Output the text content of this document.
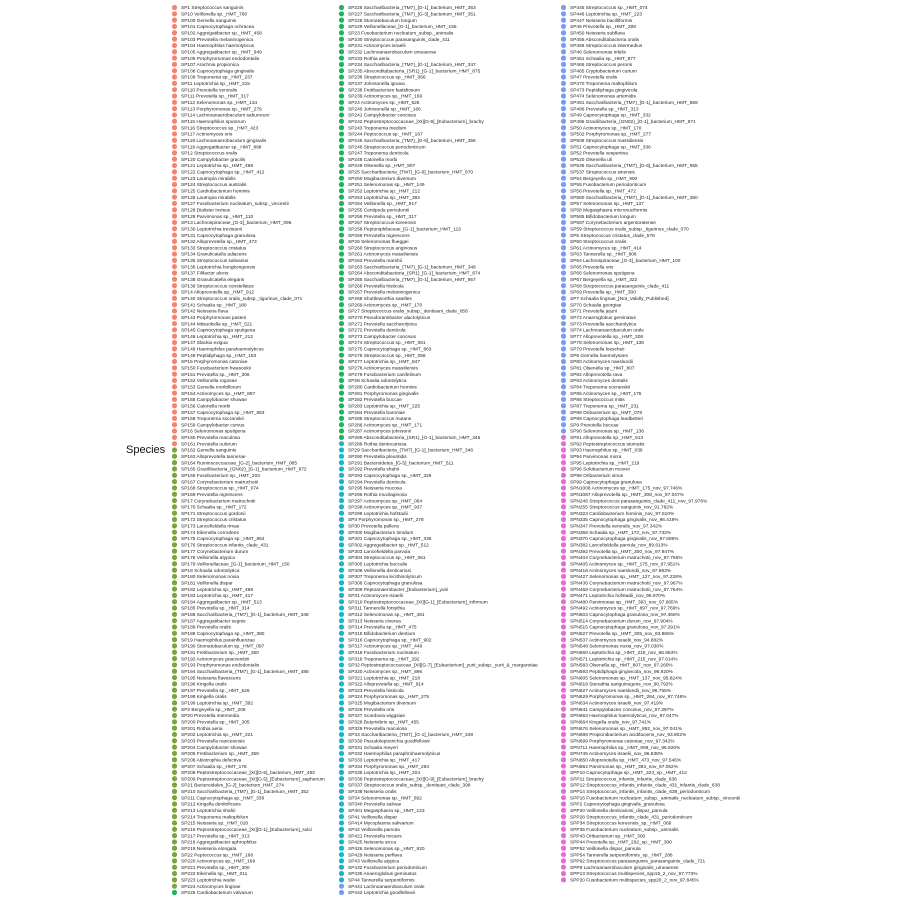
Species
SP1 Streptococcus sanguinis
SP10 Veillonella sp._HMT_780
SP100 Gemella sanguinis
SP101 Capnocytophaga ochracea
SP102 Aggregatibacter sp._HMT_458
SP103 Prevotella melaninogenica
SP104 Haemophilus haemolyticus
SP105 Aggregatibacter sp._HMT_949
SP106 Porphyromonas endodontalis
SP107 Arachnia propionica
SP108 Capnocytophaga gingivalis
SP109 Treponema sp._HMT_237
SP11 Leptotrichia sp._HMT_215
SP110 Prevotella veroralis
SP111 Prevotella sp._HMT_317
SP112 Selenomonas sp._HMT_134
SP113 Porphyromonas sp._HMT_279
SP114 Lachnoanaerobaculum saburreum
SP115 Haemophilus sputorum
SP116 Streptococcus sp._HMT_423
SP117 Actinomyces oris
SP118 Lachnoanaerobaculum gingivalis
SP119 Aggregatibacter sp._HMT_898
SP12 Streptococcus oralis
SP120 Campylobacter gracilis
SP121 Leptotrichia sp._HMT_498
SP122 Capnocytophaga sp._HMT_412
SP123 Lautropia mirabilis
SP124 Streptococcus australis
SP125 Cardiobacterium hominis
SP126 Lautropia mirabilis
SP127 Fusobacterium nucleatum_subsp._vincentii
SP128 Dialister invisus
SP129 Parvimonas sp._HMT_110
SP13 Lachnospiraceae_[G-3]_bacterium_HMT_096
SP130 Leptotrichia trevisanii
SP131 Capnocytophaga granulosa
SP132 Alloprevotella sp._HMT_473
SP133 Streptococcus cristatus
SP134 Granulicatella adiacens
SP135 Streptococcus salivarius
SP136 Leptotrichia hongkongensis
SP137 Filifactor alocis
SP138 Granulicatella elegans
SP139 Streptococcus constellatus
SP14 Alloprevotella sp._HMT_912
SP140 Streptococcus oralis_subsp._tigurinus_clade_071
SP141 Schaalia sp._HMT_180
SP142 Neisseria flava
SP143 Porphyromonas pasteri
SP144 Mitsuokella sp._HMT_521
SP145 Capnocytophaga sputigena
SP146 Leptotrichia sp._HMT_212
SP147 Slackia exigua
SP148 Haemophilus parahaemolyticus
SP149 Peptidiphaga sp._HMT_183
SP15 Porphyromonas catoniae
SP150 Fusobacterium hwasookii
SP151 Prevotella sp._HMT_306
SP152 Veillonella rogosae
SP153 Gemella morbillorum
SP154 Actinomyces sp._HMT_897
SP155 Campylobacter showae
SP156 Catonella morbi
SP157 Capnocytophaga sp._HMT_863
SP158 Treponema socranskii
SP159 Campylobacter curvus
SP16 Selenomonas sputigena
SP160 Prevotella maculosa
SP161 Prevotella oulorum
SP162 Gemella sanguinis
SP163 Alloprevotella tannerae
SP164 Ruminococcaceae_[G-2]_bacterium_HMT_085
SP165 Gracilibacteria_(GN02)_[G-1]_bacterium_HMT_872
SP166 Fusobacterium sp._HMT_203
SP167 Corynebacterium matruchotii
SP168 Streptococcus sp._HMT_074
SP169 Prevotella nigrescens
SP17 Corynebacterium matruchotii
SP170 Schaalia sp._HMT_172
SP171 Streptococcus gordonii
SP172 Streptococcus cristatus
SP173 Lancefieldella rimae
SP174 Eikenella corrodens
SP175 Capnocytophaga sp._HMT_864
SP176 Streptococcus infantis_clade_431
SP177 Corynebacterium durum
SP178 Veillonella atypica
SP179 Veillonellaceae_[G-1]_bacterium_HMT_150
SP18 Schaalia odontolytica
SP180 Selenomonas noxia
SP181 Veillonella dispar
SP182 Leptotrichia sp._HMT_498
SP183 Leptotrichia sp._HMT_417
SP184 Aggregatibacter sp._HMT_513
SP185 Prevotella sp._HMT_314
SP186 Saccharibacteria_(TM7)_[G-1]_bacterium_HMT_348
SP187 Aggregatibacter segnis
SP188 Prevotella oralis
SP189 Capnocytophaga sp._HMT_380
SP19 Haemophilus parainfluenzae
SP190 Stomatobaculum sp._HMT_097
SP191 Fretibacterium sp._HMT_360
SP192 Actinomyces graevenitzii
SP193 Porphyromonas endodontalis
SP194 Saccharibacteria_(TM7)_[G-1]_bacterium_HMT_488
SP195 Neisseria flavescens
SP196 Kingella oralis
SP197 Prevotella sp._HMT_526
SP198 Kingella oralis
SP199 Leptotrichia sp._HMT_392
SP2 Bergeyella sp._HMT_206
SP20 Prevotella intermedia
SP200 Prevotella sp._HMT_305
SP201 Rothia aeria
SP202 Leptotrichia sp._HMT_221
SP203 Prevotella nanceiensis
SP204 Campylobacter showae
SP205 Fretibacterium sp._HMT_359
SP206 Abiotrophia defectiva
SP207 Schaalia sp._HMT_178
SP208 Peptostreptococcaceae_[XI][G-5]_bacterium_HMT_493
SP209 Peptostreptococcaceae_[XI][G-5]_[Eubacterium]_saphenum
SP21 Bacteroidales_[G-2]_bacterium_HMT_274
SP210 Saccharibacteria_(TM7)_[G-1]_bacterium_HMT_352
SP211 Capnocytophaga sp._HMT_338
SP212 Kingella denitrificans
SP213 Leptotrichia shahii
SP214 Treponema maltophilum
SP215 Neisseria sp._HMT_020
SP216 Peptostreptococcaceae_[XI][G-1]_[Eubacterium]_sulci
SP217 Prevotella sp._HMT_313
SP218 Aggregatibacter aphrophilus
SP219 Neisseria elongata
SP22 Peptococcus sp._HMT_168
SP220 Actinomyces sp._HMT_169
SP221 Prevotella sp._HMT_300
SP222 Eikenella sp._HMT_011
SP223 Leptotrichia wadei
SP224 Actinomyces lingnae
SP225 Cardiobacterium valvarum
SP226 Saccharibacteria_(TM7)_[G-1]_bacterium_HMT_353
SP227 Saccharibacteria_(TM7)_[G-3]_bacterium_HMT_351
SP228 Stomatobaculum longum
SP229 Veillonellaceae_[G-1]_bacterium_HMT_155
SP23 Fusobacterium nucleatum_subsp._animalis
SP230 Streptococcus parasanguinis_clade_411
SP231 Actinomyces israelii
SP232 Lachnoanaerobaculum umeaense
SP233 Rothia aeria
SP234 Saccharibacteria_(TM7)_[G-1]_bacterium_HMT_347
SP235 Absconditabacteria_(SR1)_[G-1]_bacterium_HMT_875
SP236 Streptococcus sp._HMT_066
SP237 Johnsonella ignava
SP238 Fretibacterium fastidiosum
SP239 Actinomyces sp._HMT_169
SP24 Actinomyces sp._HMT_525
SP240 Johnsonella sp._HMT_166
SP241 Campylobacter concisus
SP242 Peptostreptococcaceae_[XI][G-9]_[Eubacterium]_brachy
SP243 Treponema medium
SP244 Peptococcus sp._HMT_167
SP245 Saccharibacteria_(TM7)_[G-5]_bacterium_HMT_356
SP246 Streptococcus periodonticum
SP247 Treponema denticola
SP248 Catonella morbi
SP249 Olsenella sp._HMT_807
SP25 Saccharibacteria_(TM7)_[G-6]_bacterium_HMT_870
SP250 Mogibacterium diversum
SP251 Selenomonas sp._HMT_149
SP252 Leptotrichia sp._HMT_212
SP253 Leptotrichia sp._HMT_392
SP254 Veillonella sp._HMT_917
SP255 Centipeda periodontii
SP256 Prevotella sp._HMT_317
SP257 Streptococcus koreensis
SP258 Peptoniphilaceae_[G-1]_bacterium_HMT_113
SP259 Prevotella nigrescens
SP26 Selenomonas flueggei
SP260 Streptococcus anginosus
SP261 Actinomyces massiliensis
SP262 Prevotella marshii
SP263 Saccharibacteria_(TM7)_[G-1]_bacterium_HMT_348
SP264 Absconditabacteria_(SR1)_[G-1]_bacterium_HMT_874
SP265 Saccharibacteria_(TM7)_[G-1]_bacterium_HMT_957
SP266 Prevotella histicola
SP267 Prevotella melaninogenica
SP268 Shuttleworthia satelles
SP269 Actinomyces sp._HMT_170
SP27 Streptococcus oralis_subsp._dentisani_clade_058
SP270 Pseudoramibacter alactolyticus
SP271 Prevotella saccharolytica
SP272 Prevotella denticola
SP273 Campylobacter concisus
SP274 Streptococcus sp._HMT_061
SP275 Capnocytophaga sp._HMT_863
SP276 Streptococcus sp._HMT_056
SP277 Leptotrichia sp._HMT_847
SP278 Actinomyces massiliensis
SP279 Fusobacterium canifelinum
SP28 Schaalia odontolytica
SP280 Cardiobacterium hominis
SP281 Porphyromonas gingivalis
SP282 Prevotella buccae
SP283 Leptotrichia sp._HMT_225
SP284 Prevotella baroniae
SP285 Streptococcus mutans
SP286 Actinomyces sp._HMT_171
SP287 Actinomyces johnsonii
SP288 Absconditabacteria_(SR1)_[G-1]_bacterium_HMT_345
SP289 Rothia dentocariosa
SP29 Saccharibacteria_(TM7)_[G-1]_bacterium_HMT_346
SP290 Prevotella pleuritidis
SP291 Bacteroidetes_[G-5]_bacterium_HMT_511
SP292 Prevotella shahii
SP293 Capnocytophaga sp._HMT_326
SP294 Prevotella denticola
SP295 Neisseria mucosa
SP296 Rothia mucilaginosa
SP297 Actinomyces sp._HMT_064
SP298 Actinomyces sp._HMT_937
SP299 Leptotrichia hofstadii
SP3 Porphyromonas sp._HMT_278
SP30 Prevotella pallens
SP300 Mogibacterium timidum
SP301 Capnocytophaga sp._HMT_335
SP302 Aggregatibacter sp._HMT_512
SP303 Lancefieldella parvula
SP304 Streptococcus sp._HMT_061
SP305 Leptotrichia buccalis
SP306 Veillonella denticariosi
SP307 Treponema lecithinolyticum
SP308 Capnocytophaga granulosa
SP309 Peptoanaerobacter_[Eubacterium]_yurii
SP31 Actinomyces israelii
SP310 Peptostreptococcaceae_[XI][G-1]_[Eubacterium]_infirmum
SP311 Tannerella forsythia
SP312 Selenomonas sp._HMT_481
SP313 Neisseria cinerea
SP314 Prevotella sp._HMT_475
SP315 Bifidobacterium dentium
SP316 Capnocytophaga sp._HMT_902
SP317 Actinomyces sp._HMT_448
SP318 Fusobacterium nucleatum
SP319 Treponema sp._HMT_292
SP32 Peptostreptococcaceae_[XI][G-7]_[Eubacterium]_yurii_subsp._yurii_&_margaretiae
SP320 Actinomyces sp._HMT_896
SP321 Leptotrichia sp._HMT_218
SP322 Alloprevotella sp._HMT_914
SP323 Prevotella histicola
SP324 Porphyromonas sp._HMT_275
SP325 Mogibacterium diversum
SP326 Prevotella oris
SP327 Scardovia wiggsiae
SP328 Butyrivibrio sp._HMT_455
SP329 Prevotella maculosa
SP33 Saccharibacteria_(TM7)_[G-1]_bacterium_HMT_349
SP330 Pseudoleptotrichia goodfellowii
SP331 Schaalia meyeri
SP332 Haemophilus paraphrohaemolyticus
SP333 Leptotrichia sp._HMT_417
SP334 Porphyromonas sp._HMT_284
SP335 Leptotrichia sp._HMT_204
SP336 Peptostreptococcaceae_[XI][G-9]_[Eubacterium]_brachy
SP337 Streptococcus oralis_subsp._dentisani_clade_398
SP338 Neisseria oralis
SP34 Selenomonas sp._HMT_892
SP340 Prevotella salivae
SP401 Megasphaera sp._HMT_123
SP41 Veillonella dispar
SP414 Mycoplasma salivarium
SP42 Veillonella parvula
SP421 Prevotella micans
SP425 Neisseria sicca
SP426 Selenomonas sp._HMT_920
SP429 Neisseria perflava
SP43 Veillonella atypica
SP432 Fusobacterium periodonticum
SP435 Anaeroglobus geminatus
SP44 Tannerella serpentiformis
SP441 Lachnoanaerobaculum orale
SP442 Leptotrichia goodfellowii
SP445 Streptococcus sp._HMT_074
SP446 Leptotrichia sp._HMT_223
SP447 Neisseria bacilliformis
SP45 Prevotella sp._HMT_288
SP450 Neisseria subflava
SP455 Absconditabacteria oralis
SP456 Streptococcus intermedius
SP46 Selenomonas infelix
SP461 Schaalia sp._HMT_877
SP465 Streptococcus peroris
SP465 Cryptobacterium curtum
SP47 Prevotella oralis
SP470 Treponema maltophilum
SP473 Peptidiphaga gingivicola
SP474 Selenomonas artemidis
SP481 Saccharibacteria_(TM7)_[G-1]_bacterium_HMT_869
SP486 Prevotella sp._HMT_313
SP49 Capnocytophaga sp._HMT_332
SP495 Gracilibacteria_(GN02)_[G-1]_bacterium_HMT_871
SP50 Actinomyces sp._HMT_170
SP502 Porphyromonas sp._HMT_277
SP508 Streptococcus massiliensis
SP51 Capnocytophaga sp._HMT_336
SP52 Prevotella vespertina
SP520 Olsenella uli
SP536 Saccharibacteria_(TM7)_[G-6]_bacterium_HMT_955
SP537 Streptococcus sinensis
SP54 Bergeyella sp._HMT_900
SP55 Fusobacterium periodonticum
SP56 Prevotella sp._HMT_472
SP560 Saccharibacteria_(TM7)_[G-1]_bacterium_HMT_350
SP57 Selenomonas sp._HMT_137
SP58 Megasphaera micronuciformis
SP585 Bifidobacterium longum
SP587 Corynebacterium argentoratense
SP59 Streptococcus oralis_subsp._tigurinus_clade_070
SP6 Streptococcus cristatus_clade_578
SP60 Streptococcus oralis
SP61 Actinomyces sp._HMT_414
SP63 Tannerella sp._HMT_808
SP64 Lachnospiraceae_[G-3]_bacterium_HMT_100
SP65 Prevotella oris
SP66 Selenomonas sputigena
SP67 Bergeyella sp._HMT_322
SP68 Streptococcus parasanguinis_clade_411
SP69 Prevotella sp._HMT_300
SP7 Schaalia lingnae_[Not_Validly_Published]
SP70 Schaalia georgiae
SP71 Prevotella jejuni
SP72 Anaeroglobus geminatus
SP73 Prevotella saccharolytica
SP74 Lachnoanaerobaculum orale
SP77 Alloprevotella sp._HMT_308
SP78 Selenomonas sp._HMT_138
SP79 Prevotella loescheii
SP8 Gemella haemolysans
SP80 Actinomyces naeslundii
SP81 Olsenella sp._HMT_807
SP82 Alloprevotella rava
SP83 Actinomyces dentalis
SP84 Treponema socranskii
SP85 Actinomyces sp._HMT_175
SP86 Streptococcus mitis
SP87 Treponema sp._HMT_231
SP88 Oribacterium sp._HMT_078
SP89 Capnocytophaga leadbetteri
SP9 Prevotella buccae
SP90 Selenomonas sp._HMT_136
SP91 Alloprevotella sp._HMT_913
SP92 Peptostreptococcus stomatis
SP93 Haemophilus sp._HMT_036
SP94 Parvimonas micra
SP95 Leptotrichia sp._HMT_219
SP96 Solobacterium moorei
SP98 Oribacterium sinus
SP99 Capnocytophaga granulosa
SPN1008 Actinomyces sp._HMT_175_nov_97.746%
SPN1087 Alloprevotella sp._HMT_308_nov_97.047%
SPN248 Streptococcus parasanguinis_clade_411_nov_97.976%
SPN255 Streptococcus sanguinis_nov_91.782%
SPN323 Cardiobacterium hominis_nov_97.510%
SPN335 Capnocytophaga gingivalis_nov_96.419%
SPN347 Prevotella veroralis_nov_97.342%
SPN358 Schaalia sp._HMT_172_nov_97.732%
SPN370 Capnocytophaga gingivalis_nov_97.686%
SPN382 Lancefieldella parvula_nov_89.613%
SPN392 Prevotella sp._HMT_300_nov_97.947%
SPN404 Corynebacterium matruchotii_nov_97.755%
SPN405 Actinomyces sp._HMT_175_nov_97.951%
SPN416 Actinomyces naeslundii_nov_97.963%
SPN427 Selenomonas sp._HMT_137_nov_97.228%
SPN436 Corynebacterium matruchotii_nov_97.967%
SPN458 Corynebacterium matruchotii_nov_97.764%
SPN471 Leptotrichia hofstadii_nov_96.970%
SPN480 Parvimonas sp._HMT_393_nov_97.665%
SPN492 Actinomyces sp._HMT_897_nov_97.769%
SPN503 Capnocytophaga granulosa_nov_97.468%
SPN514 Corynebacterium durum_nov_97.904%
SPN515 Capnocytophaga granulosa_nov_97.291%
SPN527 Prevotella sp._HMT_305_nov_93.865%
SPN537 Actinomyces israelii_nov_94.882%
SPN548 Selenomonas noxia_nov_97.030%
SPN560 Leptotrichia sp._HMT_215_nov_96.963%
SPN571 Leptotrichia sp._HMT_215_nov_97.614%
SPN583 Olsenella sp._HMT_807_nov_97.260%
SPN593 Peptidiphaga gingivicola_nov_96.920%
SPN605 Selenomonas sp._HMT_137_nov_95.824%
SPN618 Stenathia sanguinegens_nov_90.792%
SPN627 Actinomyces naeslundii_nov_96.755%
SPN629 Porphyromonas sp._HMT_284_nov_97.746%
SPN634 Actinomyces israelii_nov_97.419%
SPN641 Campylobacter concisus_nov_97.397%
SPN653 Haemophilus haemolyticus_nov_97.047%
SPN664 Kingella oralis_nov_97.741%
SPN676 Selenomonas sp._HMT_892_nov_97.041%
SPN688 Propionibacterium acidifaciens_nov_93.802%
SPN699 Porphyromonas catoniae_nov_97.342%
SPN711 Haemophilus sp._HMT_908_nov_96.920%
SPN745 Actinomyces israelii_nov_96.838%
SPN850 Alloprevotella sp._HMT_473_nov_97.546%
SPN862 Parvimonas sp._HMT_393_nov_97.052%
SPP10 Capnocytophaga sp._HMT_323_sp._HMT_412
SPP11 Streptococcus_infantis_infantis_clade_638
SPP12 Streptococcus_infantis_infantis_clade_431_infantis_clade_638
SPP14 Streptococcus_infantis_infantis_clade_638_periodonticum
SPP16 Fusobacterium nucleatum_subsp._animalis_nucleatum_subsp._vincentii
SPP2 Capnocytophaga gingivalis_granulosa
SPP20 Veillonella denticariosi_dispar_parvula
SPP28 Streptococcus_infantis_clade_431_periodonticum
SPP34 Streptococcus koreensis_sp._HMT_066
SPP35 Fusobacterium nucleatum_subsp._animalis
SPP43 Oribacterium sp._HMT_300
SPP44 Prevotella sp._HMT_292_sp._HMT_300
SPP52 Veillonella dispar_parvula
SPP54 Tannerella serpentiformis_sp._HMT_286
SPP62 Streptococcus parasanguinis_parasanguinis_clade_721
SPP8 Lachnoanaerobaculum gingivalis_umeaense
SPP13 Streptococcus multispecies_spp15_2_nov_97.773%
SPP20 Fusobacterium multispecies_spp20_2_nov_97.845%
